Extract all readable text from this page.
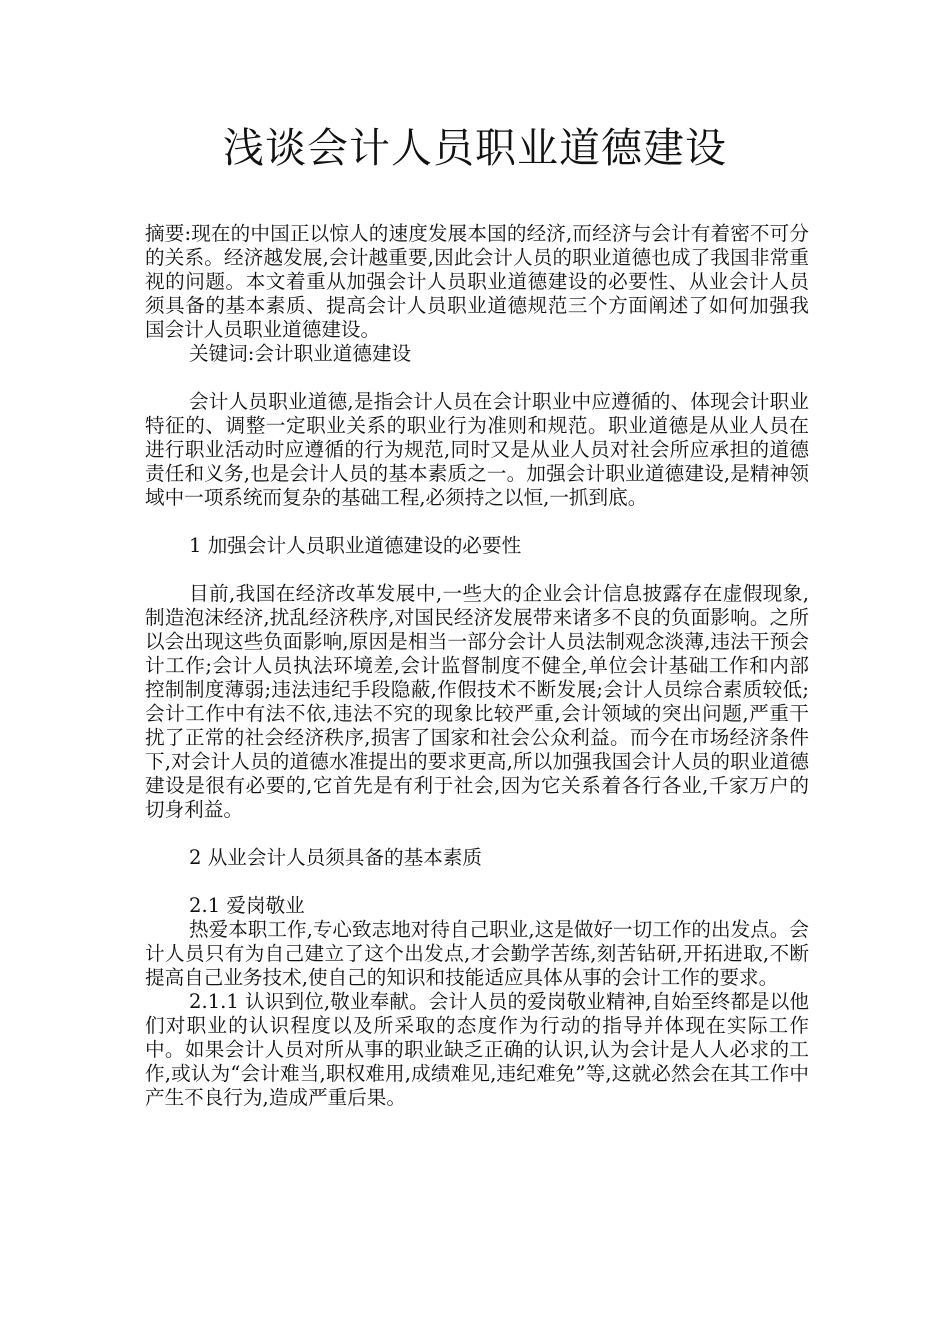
浅谈会计人员职业道德建设

摘要:现在的中国正以惊人的速度发展本国的经济,而经济与会计有着密不可分的关系。经济越发展,会计越重要,因此会计人员的职业道德也成了我国非常重视的问题。本文着重从加强会计人员职业道德建设的必要性、从业会计人员须具备的基本素质、提高会计人员职业道德规范三个方面阐述了如何加强我国会计人员职业道德建设。

关键词:会计职业道德建设

会计人员职业道德,是指会计人员在会计职业中应遵循的、体现会计职业特征的、调整一定职业关系的职业行为准则和规范。职业道德是从业人员在进行职业活动时应遵循的行为规范,同时又是从业人员对社会所应承担的道德责任和义务,也是会计人员的基本素质之一。加强会计职业道德建设,是精神领域中一项系统而复杂的基础工程,必须持之以恒,一抓到底。

1 加强会计人员职业道德建设的必要性

目前,我国在经济改革发展中,一些大的企业会计信息披露存在虚假现象,制造泡沫经济,扰乱经济秩序,对国民经济发展带来诸多不良的负面影响。之所以会出现这些负面影响,原因是相当一部分会计人员法制观念淡薄,违法干预会计工作;会计人员执法环境差,会计监督制度不健全,单位会计基础工作和内部控制制度薄弱;违法违纪手段隐蔽,作假技术不断发展;会计人员综合素质较低;会计工作中有法不依,违法不究的现象比较严重,会计领域的突出问题,严重干扰了正常的社会经济秩序,损害了国家和社会公众利益。而今在市场经济条件下,对会计人员的道德水准提出的要求更高,所以加强我国会计人员的职业道德建设是很有必要的,它首先是有利于社会,因为它关系着各行各业,千家万户的切身利益。

2 从业会计人员须具备的基本素质

2.1 爱岗敬业

热爱本职工作,专心致志地对待自己职业,这是做好一切工作的出发点。会计人员只有为自己建立了这个出发点,才会勤学苦练,刻苦钻研,开拓进取,不断提高自己业务技术,使自己的知识和技能适应具体从事的会计工作的要求。

2.1.1 认识到位,敬业奉献。会计人员的爱岗敬业精神,自始至终都是以他们对职业的认识程度以及所采取的态度作为行动的指导并体现在实际工作中。如果会计人员对所从事的职业缺乏正确的认识,认为会计是人人必求的工作,或认为“会计难当,职权难用,成绩难见,违纪难免”等,这就必然会在其工作中产生不良行为,造成严重后果。
